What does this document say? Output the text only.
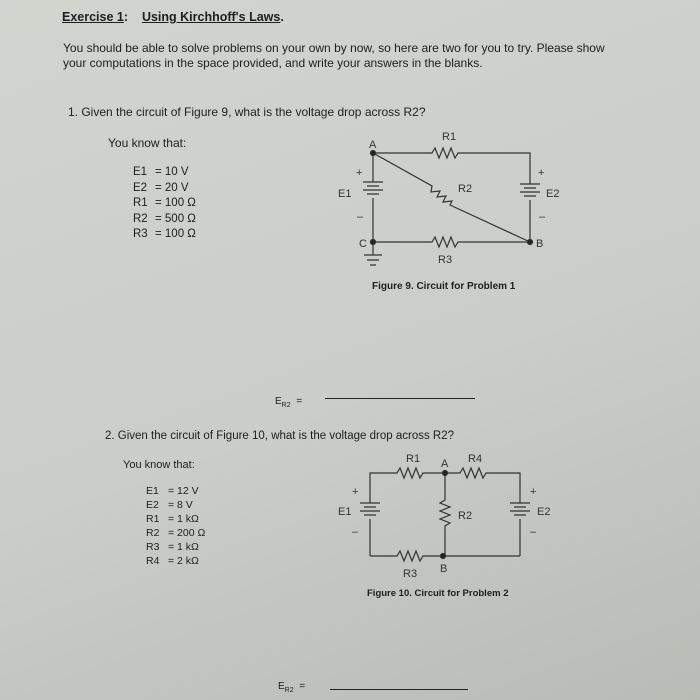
Exercise 1: Using Kirchhoff's Laws.
You should be able to solve problems on your own by now, so here are two for you to try. Please show your computations in the space provided, and write your answers in the blanks.
1. Given the circuit of Figure 9, what is the voltage drop across R2?
You know that:
E1 = 10 V
E2 = 20 V
R1 = 100 Ω
R2 = 500 Ω
R3 = 100 Ω
A
B
C
R1
R2
R3
E1	E2
+
–
+
–
R1	R4
A
R2
R3 B
E1	E2
+
–
+
–
Figure 9. Circuit for Problem 1
$E_{R2}$ =
2. Given the circuit of Figure 10, what is the voltage drop across R2?
You know that:
E1 = 12 V
E2 = 8 V
R1 = 1 kΩ
R2 = 200 Ω
R3 = 1 kΩ
R4 = 2 kΩ
Figure 10. Circuit for Problem 2
$E_{R2}$ =
